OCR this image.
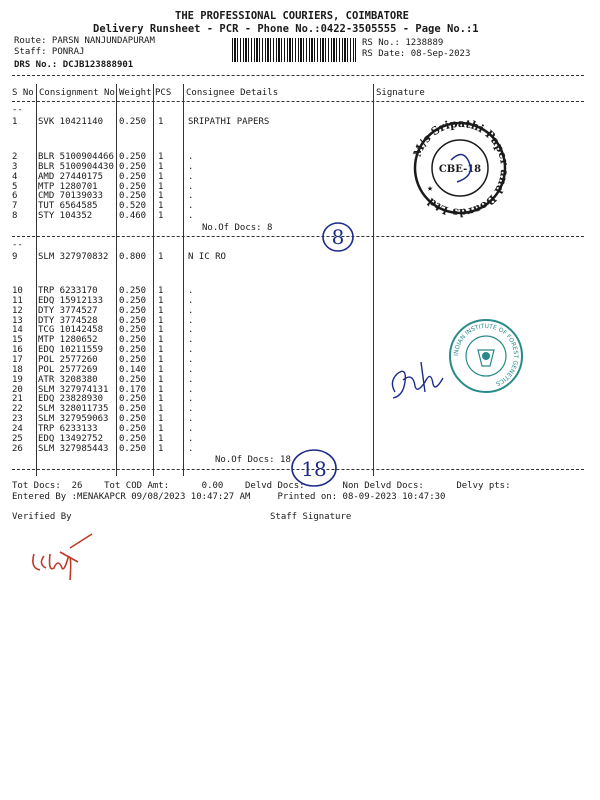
THE PROFESSIONAL COURIERS, COIMBATORE
Delivery Runsheet - PCR - Phone No.:0422-3505555 - Page No.:1
Route: PARSN NANJUNDAPURAM
Staff: PONRAJ
DRS No.: DCJB123888901
RS No.: 1238889
RS Date: 08-Sep-2023
S No Consignment No Weight PCS Consignee Details	Signature
--
1 SVK 10421140 0.250 1	SRIPATHI PAPERS
2 BLR 5100904466 0.250 1	.
3 BLR 5100904430 0.250 1	.
4 AMD 27440175 0.250 1	.
5 MTP 1280701 0.250 1	.
6 CMD 70139033 0.250 1	.
7 TUT 6564585 0.520 1	.
8 STY 104352	0.460 1	.
No.Of Docs: 8
--
9 SLM 327970832 0.800 1	N IC RO
10 TRP 6233170 0.250 1	.
11 EDQ 15912133 0.250 1	.
12 DTY 3774527 0.250 1	.
13 DTY 3774528 0.250 1	.
14 TCG 10142458 0.250 1	.
15 MTP 1280652 0.250 1	.
16 EDQ 10211559 0.250 1	.
17 POL 2577260 0.250 1	.
18 POL 2577269 0.140 1	.
19 ATR 3208380 0.250 1	.
20 SLM 327974131 0.170 1	.
21 EDQ 23828930 0.250 1	.
22 SLM 328011735 0.250 1	.
23 SLM 327959063 0.250 1	.
24 TRP 6233133 0.250 1	.
25 EDQ 13492752 0.250 1	.
26 SLM 327985443 0.250 1	.
No.Of Docs: 18
Tot Docs:  26    Tot COD Amt:      0.00    Delvd Docs:       Non Delvd Docs:      Delvy pts:
Entered By :MENAKAPCR 09/08/2023 10:47:27 AM     Printed on: 08-09-2023 10:47:30
Verified By	Staff Signature
M/s Sripathi Paper and Boards Ltd
CBE-18
★
8
INDIAN INSTITUTE OF FOREST GENETICS
18
